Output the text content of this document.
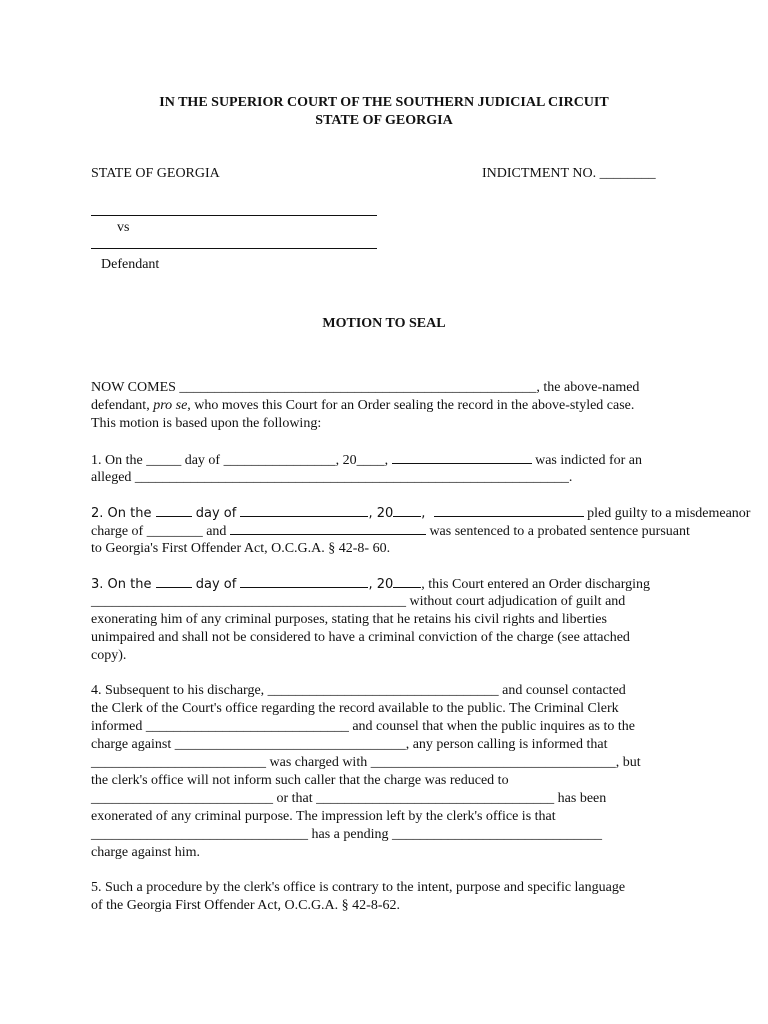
IN THE SUPERIOR COURT OF THE SOUTHERN JUDICIAL CIRCUIT
STATE OF GEORGIA
STATE OF GEORGIA	INDICTMENT NO. ________
vs
Defendant
MOTION TO SEAL
NOW COMES ___________________________________________________, the above-named
defendant, pro se, who moves this Court for an Order sealing the record in the above-styled case.
This motion is based upon the following:
1. On the _____ day of ________________, 20____,	was indicted for an
alleged ______________________________________________________________.
2. On the	day of	, 20 ,	pled guilty to a misdemeanor
charge of ________ and	was sentenced to a probated sentence pursuant
to Georgia's First Offender Act, O.C.G.A. § 42-8- 60.
3. On the	day of	, 20 , this Court entered an Order discharging
_____________________________________________ without court adjudication of guilt and
exonerating him of any criminal purposes, stating that he retains his civil rights and liberties
unimpaired and shall not be considered to have a criminal conviction of the charge (see attached
copy).
4. Subsequent to his discharge, _________________________________ and counsel contacted
the Clerk of the Court's office regarding the record available to the public. The Criminal Clerk
informed _____________________________ and counsel that when the public inquires as to the
charge against _________________________________, any person calling is informed that
_________________________ was charged with ___________________________________, but
the clerk's office will not inform such caller that the charge was reduced to
__________________________ or that __________________________________ has been
exonerated of any criminal purpose. The impression left by the clerk's office is that
_______________________________ has a pending ______________________________
charge against him.
5. Such a procedure by the clerk's office is contrary to the intent, purpose and specific language
of the Georgia First Offender Act, O.C.G.A. § 42-8-62.
